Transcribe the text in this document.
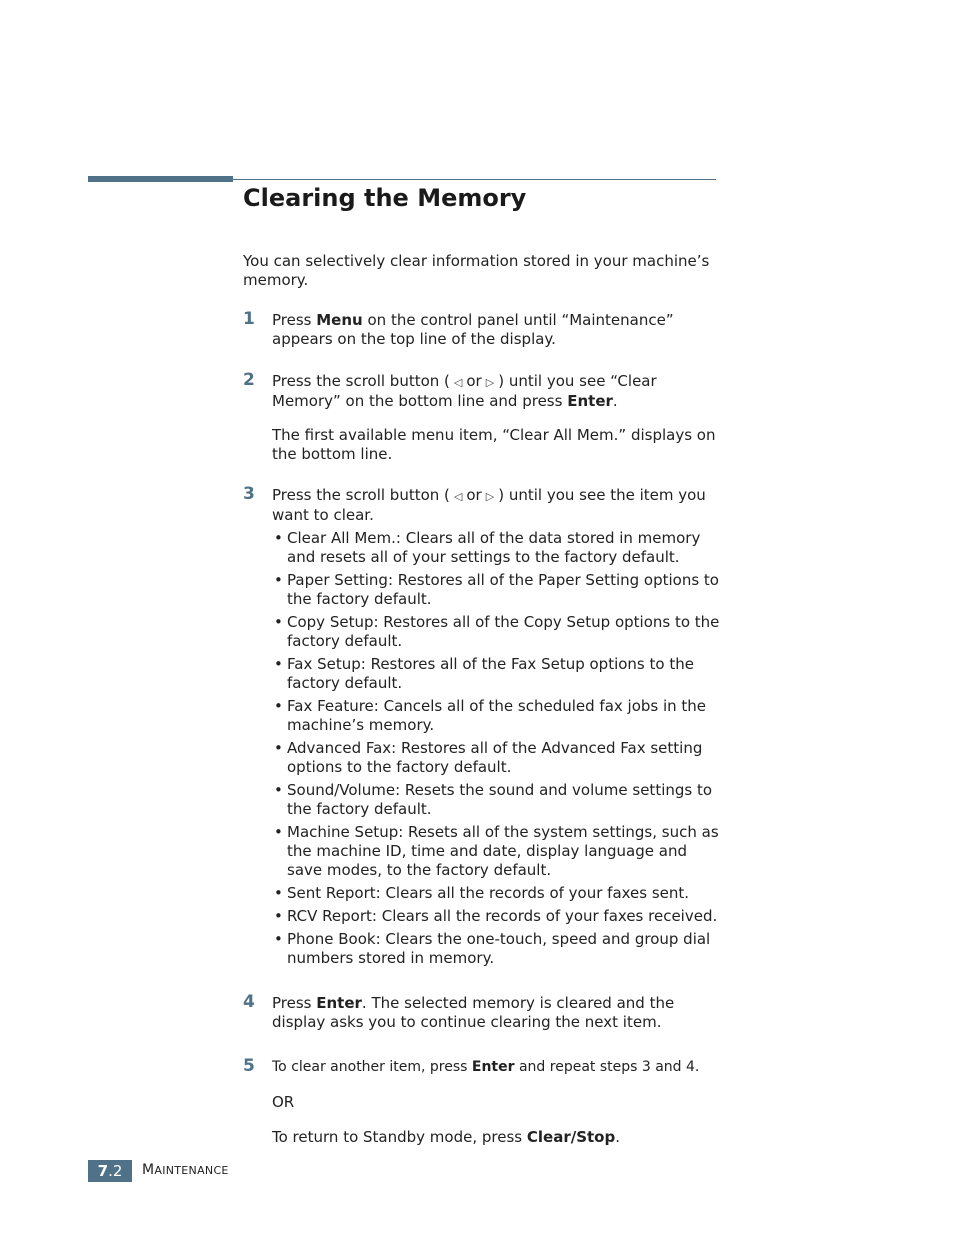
Clearing the Memory
You can selectively clear information stored in your machine’s memory.
1 Press Menu on the control panel until “Maintenance” appears on the top line of the display.
2 Press the scroll button ( ◁ or ▷ ) until you see “Clear Memory” on the bottom line and press Enter.
The first available menu item, “Clear All Mem.” displays on the bottom line.
3 Press the scroll button ( ◁ or ▷ ) until you see the item you want to clear.
• Clear All Mem.: Clears all of the data stored in memory and resets all of your settings to the factory default.
• Paper Setting: Restores all of the Paper Setting options to the factory default.
• Copy Setup: Restores all of the Copy Setup options to the factory default.
• Fax Setup: Restores all of the Fax Setup options to the factory default.
• Fax Feature: Cancels all of the scheduled fax jobs in the machine’s memory.
• Advanced Fax: Restores all of the Advanced Fax setting options to the factory default.
• Sound/Volume: Resets the sound and volume settings to the factory default.
• Machine Setup: Resets all of the system settings, such as the machine ID, time and date, display language and save modes, to the factory default.
• Sent Report: Clears all the records of your faxes sent.
• RCV Report: Clears all the records of your faxes received.
• Phone Book: Clears the one-touch, speed and group dial numbers stored in memory.
4 Press Enter. The selected memory is cleared and the display asks you to continue clearing the next item.
5 To clear another item, press Enter and repeat steps 3 and 4.
OR
To return to Standby mode, press Clear/Stop.
7.2	MAINTENANCE
